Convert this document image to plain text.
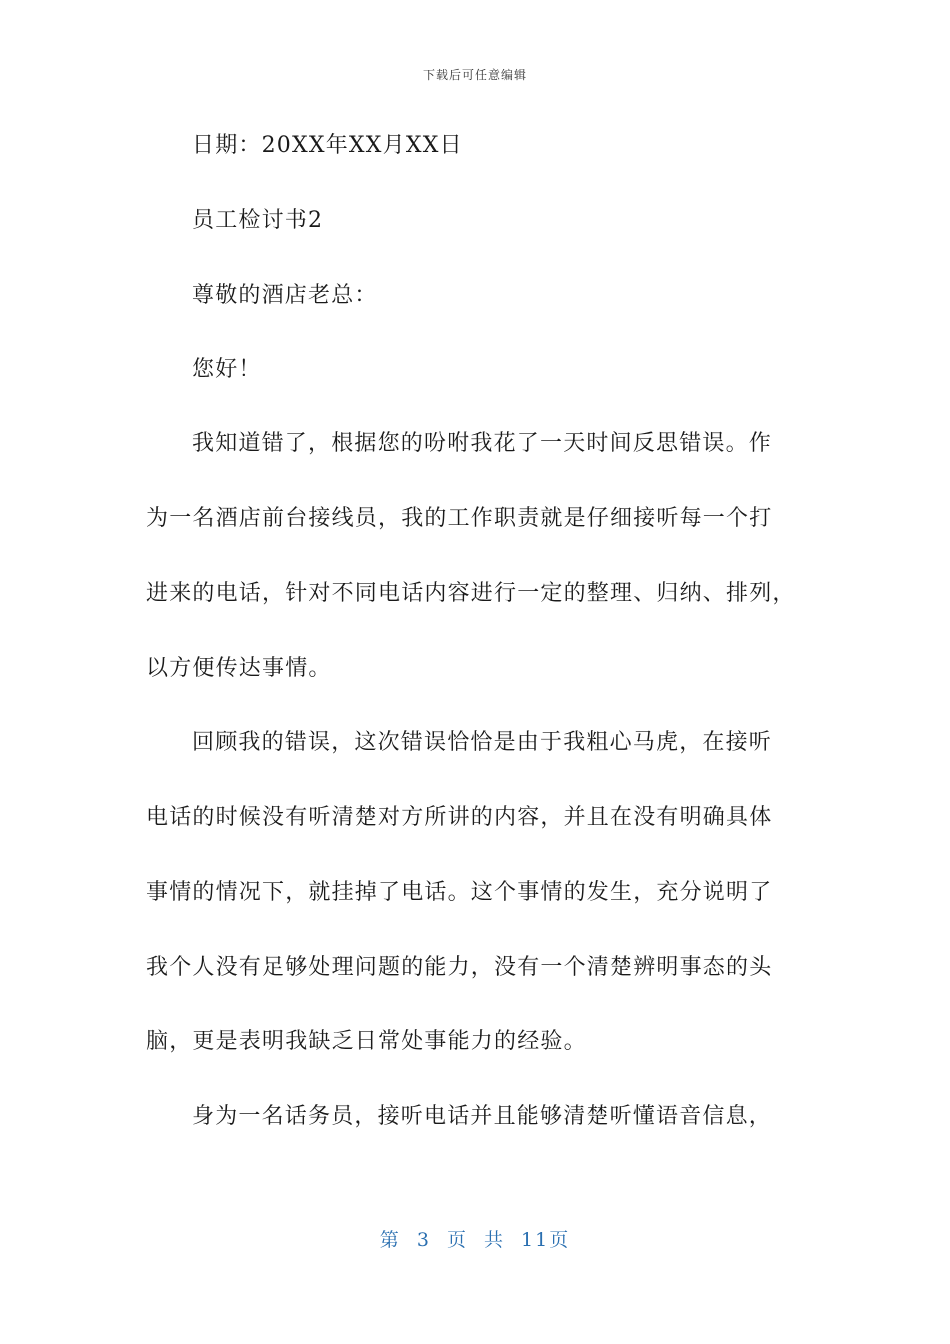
下载后可任意编辑
日期：20XX年XX月XX日
员工检讨书2
尊敬的酒店老总：
您好！
我知道错了，根据您的吩咐我花了一天时间反思错误。作
为一名酒店前台接线员，我的工作职责就是仔细接听每一个打
进来的电话，针对不同电话内容进行一定的整理、归纳、排列，
以方便传达事情。
回顾我的错误，这次错误恰恰是由于我粗心马虎，在接听
电话的时候没有听清楚对方所讲的内容，并且在没有明确具体
事情的情况下，就挂掉了电话。这个事情的发生，充分说明了
我个人没有足够处理问题的能力，没有一个清楚辨明事态的头
脑，更是表明我缺乏日常处事能力的经验。
身为一名话务员，接听电话并且能够清楚听懂语音信息，
第 3 页 共 11页
